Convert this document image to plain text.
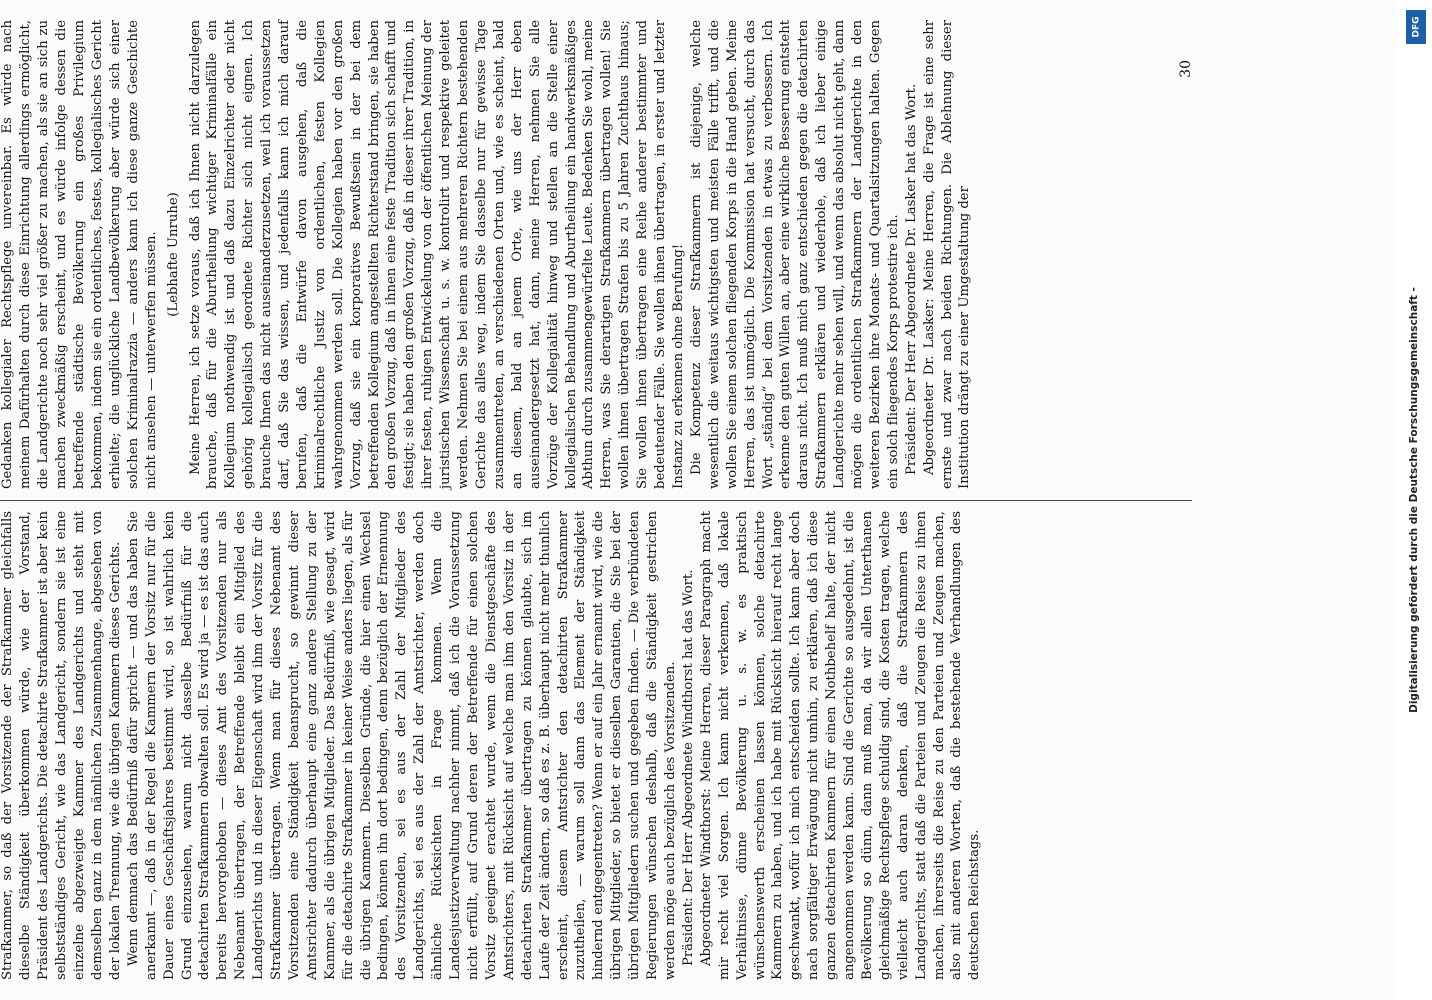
Strafkammer, so daß der Vorsitzende der Strafkammer gleichfalls dieselbe Ständigkeit überkommen würde, wie der Vorstand, Präsident des Landgerichts. Die detachirte Strafkammer ist aber kein selbstständiges Gericht, wie das Landgericht, sondern sie ist eine einzelne abgezweigte Kammer des Landgerichts und steht mit demselben ganz in dem nämlichen Zusammenhange, abgesehen von der lokalen Trennung, wie die übrigen Kammern dieses Gerichts. Wenn demnach das Bedürfniß dafür spricht — und das haben Sie anerkannt —, daß in der Regel die Kammern der Vorsitz nur für die Dauer eines Geschäftsjahres bestimmt wird, so ist wahrlich kein Grund einzusehen, warum nicht dasselbe Bedürfniß für die detachirten Strafkammern obwalten soll. Es wird ja — es ist das auch bereits hervorgehoben — dieses Amt des Vorsitzenden nur als Nebenamt übertragen, der Betreffende bleibt ein Mitglied des Landgerichts und in dieser Eigenschaft wird ihm der Vorsitz für die Strafkammer übertragen. Wenn man für dieses Nebenamt des Vorsitzenden eine Ständigkeit beansprucht, so gewinnt dieser Amtsrichter dadurch überhaupt eine ganz andere Stellung zu der Kammer, als die übrigen Mitglieder. Das Bedürfniß, wie gesagt, wird für die detachirte Strafkammer in keiner Weise anders liegen, als für die übrigen Kammern. Dieselben Gründe, die hier einen Wechsel bedingen, können ihn dort bedingen, denn bezüglich der Ernennung des Vorsitzenden, sei es aus der Zahl der Mitglieder des Landgerichts, sei es aus der Zahl der Amtsrichter, werden doch ähnliche Rücksichten in Frage kommen. Wenn die Landesjustizverwaltung nachher nimmt, daß ich die Voraussetzung nicht erfüllt, auf Grund deren der Betreffende für einen solchen Vorsitz geeignet erachtet wurde, wenn die Dienstgeschäfte des Amtsrichters, mit Rücksicht auf welche man ihm den Vorsitz in der detachirten Strafkammer übertragen zu können glaubte, sich im Laufe der Zeit ändern, so daß es z. B. überhaupt nicht mehr thunlich erscheint, diesem Amtsrichter den detachirten Strafkammer zuzutheilen, — warum soll dann das Element der Ständigkeit hindernd entgegentreten? Wenn er auf ein Jahr ernannt wird, wie die übrigen Mitglieder, so bietet er dieselben Garantien, die Sie bei der übrigen Mitgliedern suchen und gegeben finden. — Die verbündeten Regierungen wünschen deshalb, daß die Ständigkeit gestrichen werden möge auch bezüglich des Vorsitzenden. Präsident: Der Herr Abgeordnete Windthorst hat das Wort. Abgeordneter Windthorst: Meine Herren, dieser Paragraph macht mir recht viel Sorgen. Ich kann nicht verkennen, daß lokale Verhältnisse, dünne Bevölkerung u. s. w. es praktisch wünschenswerth erscheinen lassen können, solche detachirte Kammern zu haben, und ich habe mit Rücksicht hierauf recht lange geschwankt, wofür ich mich entscheiden sollte. Ich kann aber doch nach sorgfältiger Erwägung nicht umhin, zu erklären, daß ich diese ganzen detachirten Kammern für einen Nothbehelf halte, der nicht angenommen werden kann. Sind die Gerichte so ausgedehnt, ist die Bevölkerung so dünn, dann muß man, da wir allen Unterthanen gleichmäßige Rechtspflege schuldig sind, die Kosten tragen, welche vielleicht auch daran denken, daß die Strafkammern des Landgerichts, statt daß die Parteien und Zeugen die Reise zu ihnen machen, ihrerseits die Reise zu den Parteien und Zeugen machen, also mit anderen Worten, daß die bestehende Verhandlungen des deutschen Reichstags.

Gedanken kollegialer Rechtspflege unvereinbar. Es würde nach meinem Dafürhalten durch diese Einrichtung allerdings ermöglicht, die Landgerichte noch sehr viel größer zu machen, als sie an sich zu machen zweckmäßig erscheint, und es würde infolge dessen die betreffende städtische Bevölkerung ein großes Privilegium bekommen, indem sie ein ordentliches, festes, kollegialisches Gericht erhielte; die unglückliche Landbevölkerung aber würde sich einer solchen Kriminalrazzia — anders kann ich diese ganze Geschichte nicht ansehen — unterwerfen müssen. (Lebhafte Unruhe) Meine Herren, ich setze voraus, daß ich Ihnen nicht darzulegen brauche, daß für die Aburtheilung wichtiger Kriminalfälle ein Kollegium nothwendig ist und daß dazu Einzelrichter oder nicht gehörig kollegialisch geordnete Richter sich nicht eignen. Ich brauche Ihnen das nicht auseinanderzusetzen, weil ich voraussetzen darf, daß Sie das wissen, und jedenfalls kann ich mich darauf berufen, daß die Entwürfe davon ausgehen, daß die kriminalrechtliche Justiz von ordentlichen, festen Kollegien wahrgenommen werden soll. Die Kollegien haben vor den großen Vorzug, daß sie ein korporatives Bewußtsein in der bei dem betreffenden Kollegium angestellten Richterstand bringen, sie haben den großen Vorzug, daß in ihnen eine feste Tradition sich schafft und festigt; sie haben den großen Vorzug, daß in dieser ihrer Tradition, in ihrer festen, ruhigen Entwickelung von der öffentlichen Meinung der juristischen Wissenschaft u. s. w. kontrolirt und respektive geleitet werden. Nehmen Sie bei einem aus mehreren Richtern bestehenden Gerichte das alles weg, indem Sie dasselbe nur für gewisse Tage zusammentreten, an verschiedenen Orten und, wie es scheint, bald an diesem, bald an jenem Orte, wie uns der Herr eben auseinandergesetzt hat, dann, meine Herren, nehmen Sie alle Vorzüge der Kollegialität hinweg und stellen an die Stelle einer kollegialischen Behandlung und Aburtheilung ein handwerksmäßiges Abthun durch zusammengewürfelte Leute. Bedenken Sie wohl, meine Herren, was Sie derartigen Strafkammern übertragen wollen! Sie wollen ihnen übertragen Strafen bis zu 5 Jahren Zuchthaus hinaus; Sie wollen ihnen übertragen eine Reihe anderer bestimmter und bedeutender Fälle. Sie wollen ihnen übertragen, in erster und letzter Instanz zu erkennen ohne Berufung! Die Kompetenz dieser Strafkammern ist diejenige, welche wesentlich die weitaus wichtigsten und meisten Fälle trifft, und die wollen Sie einem solchen fliegenden Korps in die Hand geben. Meine Herren, das ist unmöglich. Die Kommission hat versucht, durch das Wort „ständig“ bei dem Vorsitzenden in etwas zu verbessern. Ich erkenne den guten Willen an, aber eine wirkliche Besserung entsteht daraus nicht. Ich muß mich ganz entschieden gegen die detachirten Strafkammern erklären und wiederhole, daß ich lieber einige Landgerichte mehr sehen will, und wenn das absolut nicht geht, dann mögen die ordentlichen Strafkammern der Landgerichte in den weiteren Bezirken ihre Monats- und Quartalsitzungen halten. Gegen ein solch fliegendes Korps protestire ich. Präsident: Der Herr Abgeordnete Dr. Lasker hat das Wort. Abgeordneter Dr. Lasker: Meine Herren, die Frage ist eine sehr ernste und zwar nach beiden Richtungen. Die Ablehnung dieser Institution drängt zu einer Umgestaltung der

30
Digitalisierung gefördert durch die Deutsche Forschungsgemeinschaft -
DFG
